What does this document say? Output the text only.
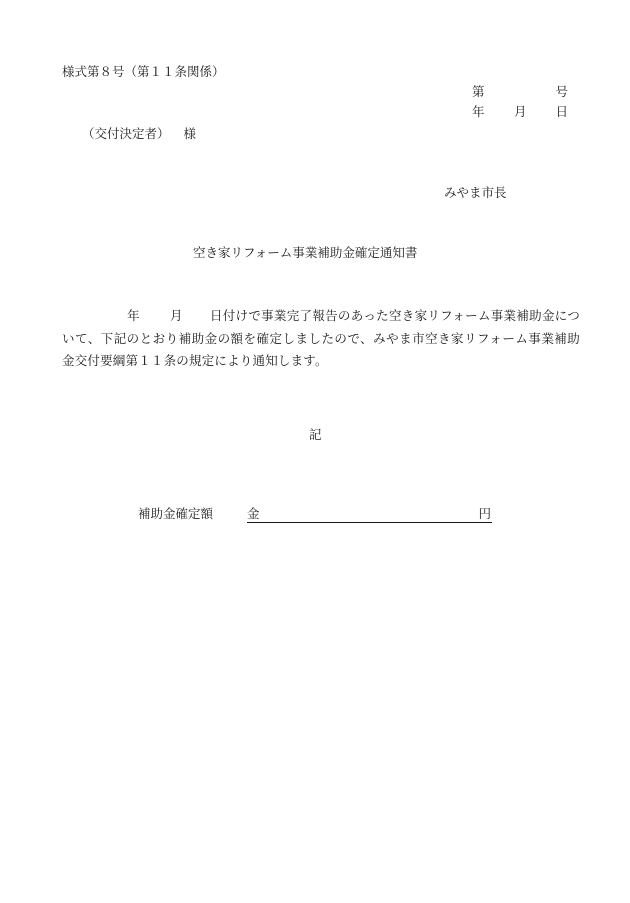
様式第８号（第１１条関係）
第	号
年 月 日
（交付決定者） 様
みやま市長
空き家リフォーム事業補助金確定通知書
年 月 日付けで事業完了報告のあった空き家リフォーム事業補助金について、下記のとおり補助金の額を確定しましたので、みやま市空き家リフォーム事業補助金交付要綱第１１条の規定により通知します。
記
補助金確定額	金	円
